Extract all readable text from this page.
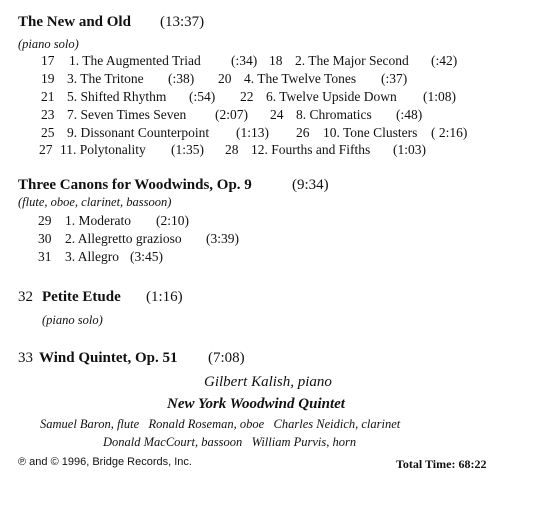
The New and Old (13:37)
(piano solo)
17 1. The Augmented Triad (:34) 18 2. The Major Second (:42)
19 3. The Tritone (:38) 20 4. The Twelve Tones (:37)
21 5. Shifted Rhythm (:54) 22 6. Twelve Upside Down (1:08)
23 7. Seven Times Seven (2:07) 24 8. Chromatics (:48)
25 9. Dissonant Counterpoint (1:13) 26 10. Tone Clusters ( 2:16)
27 11. Polytonality (1:35) 28 12. Fourths and Fifths (1:03)
Three Canons for Woodwinds, Op. 9	(9:34)
(flute, oboe, clarinet, bassoon)
29 1. Moderato (2:10)
30 2. Allegretto grazioso (3:39)
31 3. Allegro (3:45)
32 Petite Etude (1:16)
(piano solo)
33 Wind Quintet, Op. 51 (7:08)
Gilbert Kalish, piano
New York Woodwind Quintet
Samuel Baron, flute   Ronald Roseman, oboe   Charles Neidich, clarinet
Donald MacCourt, bassoon   William Purvis, horn
℗ and © 1996, Bridge Records, Inc.	Total Time: 68:22
